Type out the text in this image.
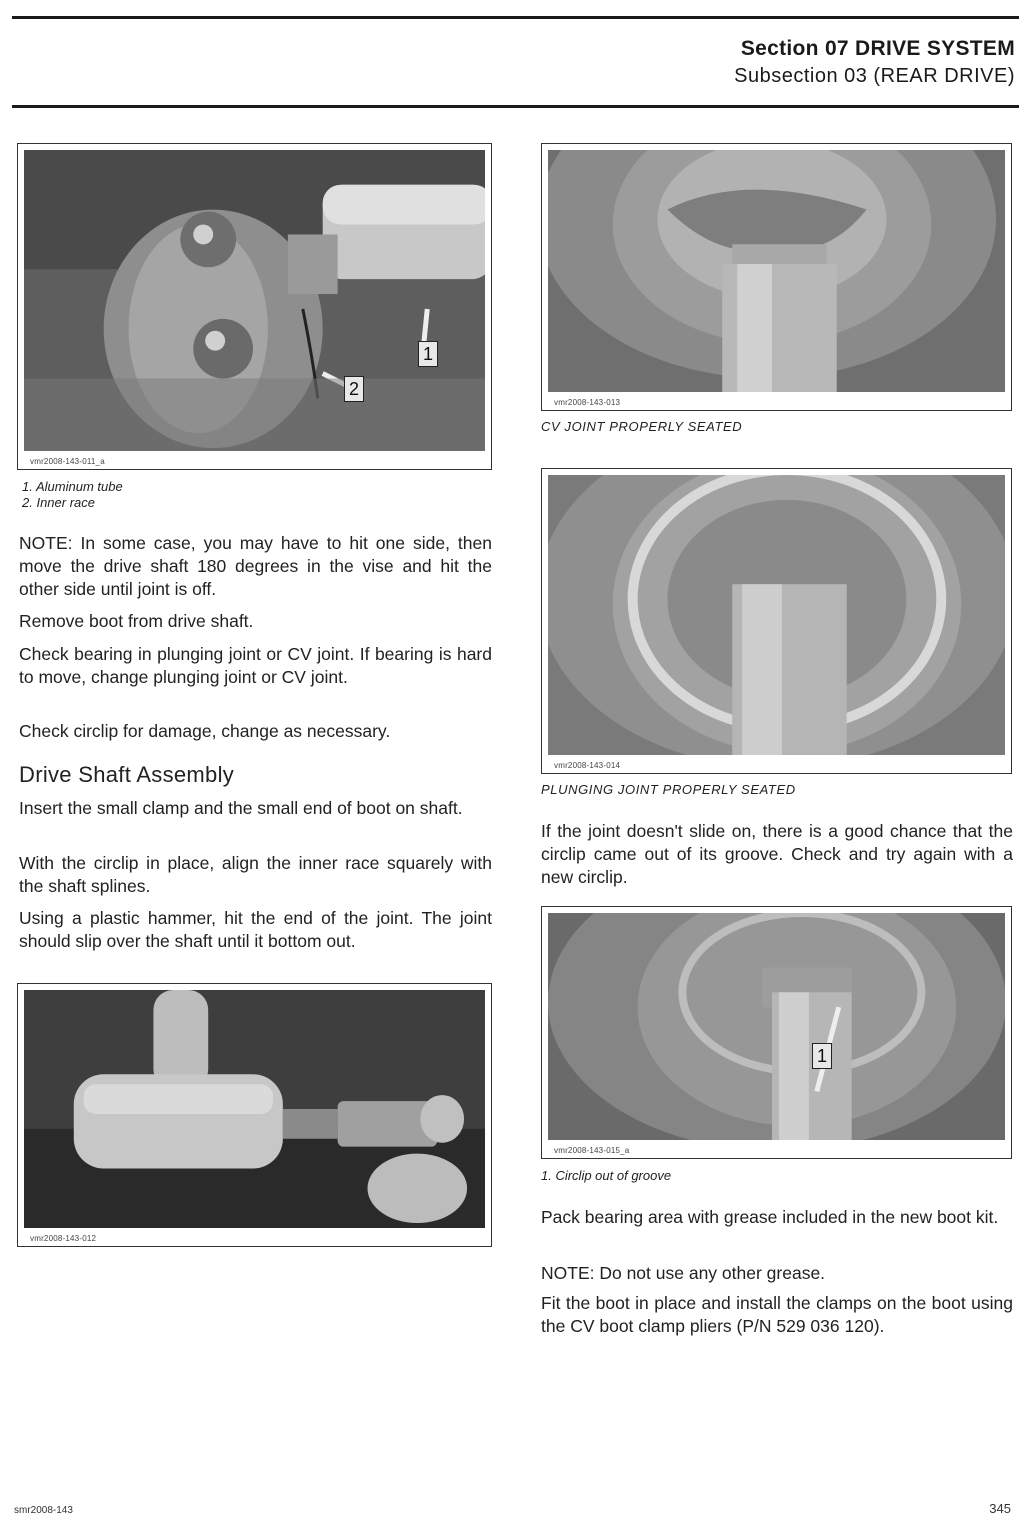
Section 07 DRIVE SYSTEM
Subsection 03 (REAR DRIVE)
1
2
vmr2008-143-011_a
1. Aluminum tube
2. Inner race

NOTE: In some case, you may have to hit one side, then move the drive shaft 180 degrees in the vise and hit the other side until joint is off.

Remove boot from drive shaft.

Check bearing in plunging joint or CV joint. If bearing is hard to move, change plunging joint or CV joint.

Check circlip for damage, change as necessary.

Drive Shaft Assembly

Insert the small clamp and the small end of boot on shaft.

With the circlip in place, align the inner race squarely with the shaft splines.

Using a plastic hammer, hit the end of the joint. The joint should slip over the shaft until it bottom out.

vmr2008-143-012
vmr2008-143-013
CV JOINT PROPERLY SEATED
vmr2008-143-014
PLUNGING JOINT PROPERLY SEATED

If the joint doesn't slide on, there is a good chance that the circlip came out of its groove. Check and try again with a new circlip.

1
vmr2008-143-015_a
1. Circlip out of groove

Pack bearing area with grease included in the new boot kit.

NOTE: Do not use any other grease.

Fit the boot in place and install the clamps on the boot using the CV boot clamp pliers (P/N 529 036 120).

smr2008-143	345
